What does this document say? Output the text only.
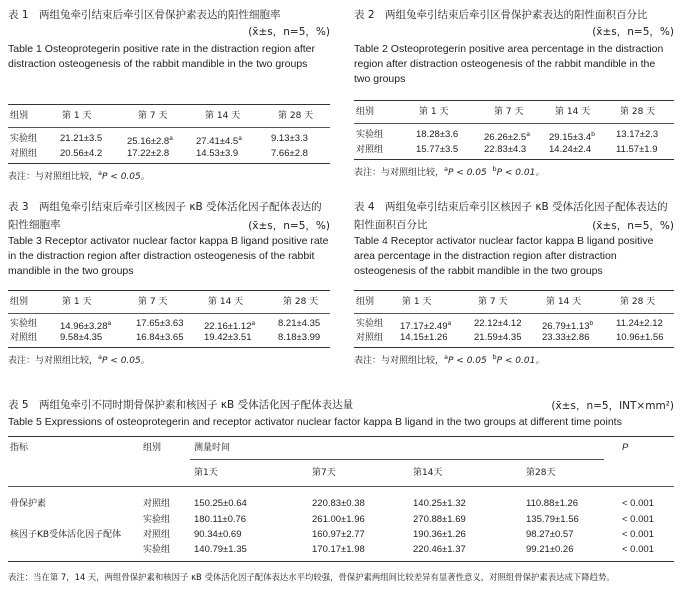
表 1　两组兔牵引结束后牵引区骨保护素表达的阳性细胞率
(x̄±s，n=5，%)
Table 1 Osteoprotegerin positive rate in the distraction region after distraction osteogenesis of the rabbit mandible in the two groups
组别	第 1 天	第 7 天	第 14 天	第 28 天
实验组 21.21±3.5	25.16±2.8$^a$ 27.41±4.5$^a$	9.13±3.3
对照组 20.56±4.2	17.22±2.8	14.53±3.9	7.66±2.8
表注：与对照组比较，$^a$P < 0.05。
表 2　两组兔牵引结束后牵引区骨保护素表达的阳性面积百分比
(x̄±s，n=5，%)
Table 2 Osteoprotegerin positive area percentage in the distraction region after distraction osteogenesis of the rabbit mandible in the two groups
组别	第 1 天	第 7 天	第 14 天	第 28 天
实验组	18.28±3.6	26.26±2.5$^a$ 29.15±3.4$^b$ 13.17±2.3
对照组	15.77±3.5	22.83±4.3 14.24±2.4	11.57±1.9
表注：与对照组比较，$^a$P < 0.05 $^b$P < 0.01。
表 3　两组兔牵引结束后牵引区核因子 κB 受体活化因子配体表达的
阳性细胞率	(x̄±s，n=5，%)
Table 3 Receptor activator nuclear factor kappa B ligand positive rate in the distraction region after distraction osteogenesis of the rabbit mandible in the two groups
组别	第 1 天	第 7 天	第 14 天	第 28 天
实验组 14.96±3.28$^a$	17.65±3.63 22.16±1.12$^a$ 8.21±4.35
对照组 9.58±4.35	16.84±3.65 19.42±3.51	8.18±3.99
表注：与对照组比较，$^a$P < 0.05。
表 4　两组兔牵引结束后牵引区核因子 κB 受体活化因子配体表达的
阳性面积百分比	(x̄±s，n=5，%)
Table 4 Receptor activator nuclear factor kappa B ligand positive area percentage in the distraction region after distraction osteogenesis of the rabbit mandible in the two groups
组别	第 1 天	第 7 天	第 14 天	第 28 天
实验组 17.17±2.49$^a$ 22.12±4.12 26.79±1.13$^b$ 11.24±2.12
对照组 14.15±1.26	21.59±4.35 23.33±2.86	10.96±1.56
表注：与对照组比较，$^a$P < 0.05 $^b$P < 0.01。
表 5　两组兔牵引不同时期骨保护素和核因子 κB 受体活化因子配体表达量	(x̄±s，n=5，INT×mm²)
Table 5 Expressions of osteoprotegerin and receptor activator nuclear factor kappa B ligand in the two groups at different time points
指标	组别	测量时间	P
第1天	第7天	第14天	第28天
骨保护素	对照组	150.25±0.64	220.83±0.38	140.25±1.32	110.88±1.26	< 0.001
实验组	180.11±0.76	261.00±1.96	270.88±1.69	135.79±1.56	< 0.001
核因子KB受体活化因子配体 对照组	90.34±0.69	160.97±2.77	190.36±1.26	98.27±0.57	< 0.001
实验组	140.79±1.35	170.17±1.98	220.46±1.37	99.21±0.26	< 0.001
表注：当在第 7，14 天，两组骨保护素和核因子 κB 受体活化因子配体表达水平均较强，骨保护素两组间比较差异有显著性意义，对照组骨保护素表达成下降趋势。
